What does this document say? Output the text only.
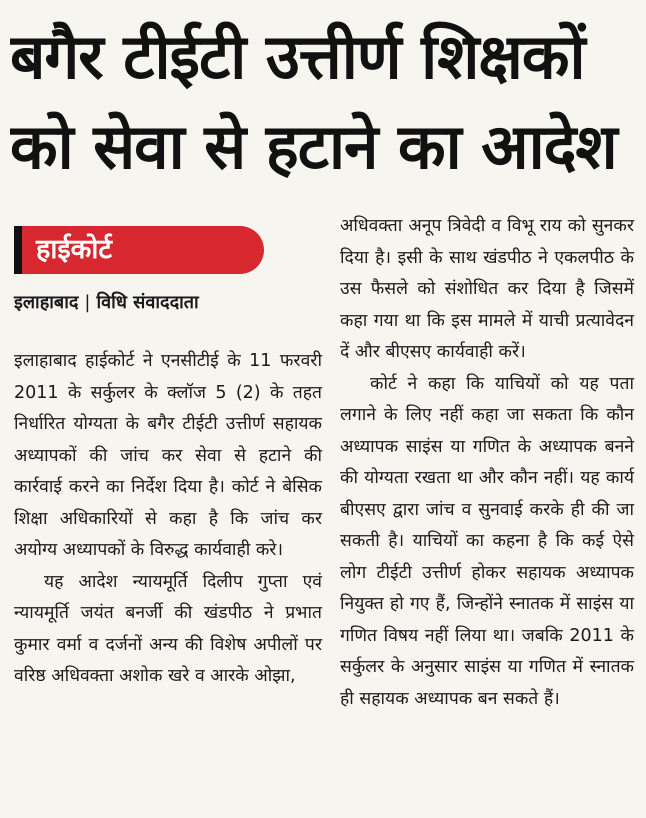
बगैर टीईटी उत्तीर्ण शिक्षकों
को सेवा से हटाने का आदेश
हाईकोर्ट
इलाहाबाद | विधि संवाददाता

इलाहाबाद हाईकोर्ट ने एनसीटीई के 11 फरवरी 2011 के सर्कुलर के क्लॉज 5 (2) के तहत निर्धारित योग्यता के बगैर टीईटी उत्तीर्ण सहायक अध्यापकों की जांच कर सेवा से हटाने की कार्रवाई करने का निर्देश दिया है। कोर्ट ने बेसिक शिक्षा अधिकारियों से कहा है कि जांच कर अयोग्य अध्यापकों के विरुद्ध कार्यवाही करे।

यह आदेश न्यायमूर्ति दिलीप गुप्ता एवं न्यायमूर्ति जयंत बनर्जी की खंडपीठ ने प्रभात कुमार वर्मा व दर्जनों अन्य की विशेष अपीलों पर वरिष्ठ अधिवक्ता अशोक खरे व आरके ओझा,

अधिवक्ता अनूप त्रिवेदी व विभू राय को सुनकर दिया है। इसी के साथ खंडपीठ ने एकलपीठ के उस फैसले को संशोधित कर दिया है जिसमें कहा गया था कि इस मामले में याची प्रत्यावेदन दें और बीएसए कार्यवाही करें।

कोर्ट ने कहा कि याचियों को यह पता लगाने के लिए नहीं कहा जा सकता कि कौन अध्यापक साइंस या गणित के अध्यापक बनने की योग्यता रखता था और कौन नहीं। यह कार्य बीएसए द्वारा जांच व सुनवाई करके ही की जा सकती है। याचियों का कहना है कि कई ऐसे लोग टीईटी उत्तीर्ण होकर सहायक अध्यापक नियुक्त हो गए हैं, जिन्होंने स्नातक में साइंस या गणित विषय नहीं लिया था। जबकि 2011 के सर्कुलर के अनुसार साइंस या गणित में स्नातक ही सहायक अध्यापक बन सकते हैं।
